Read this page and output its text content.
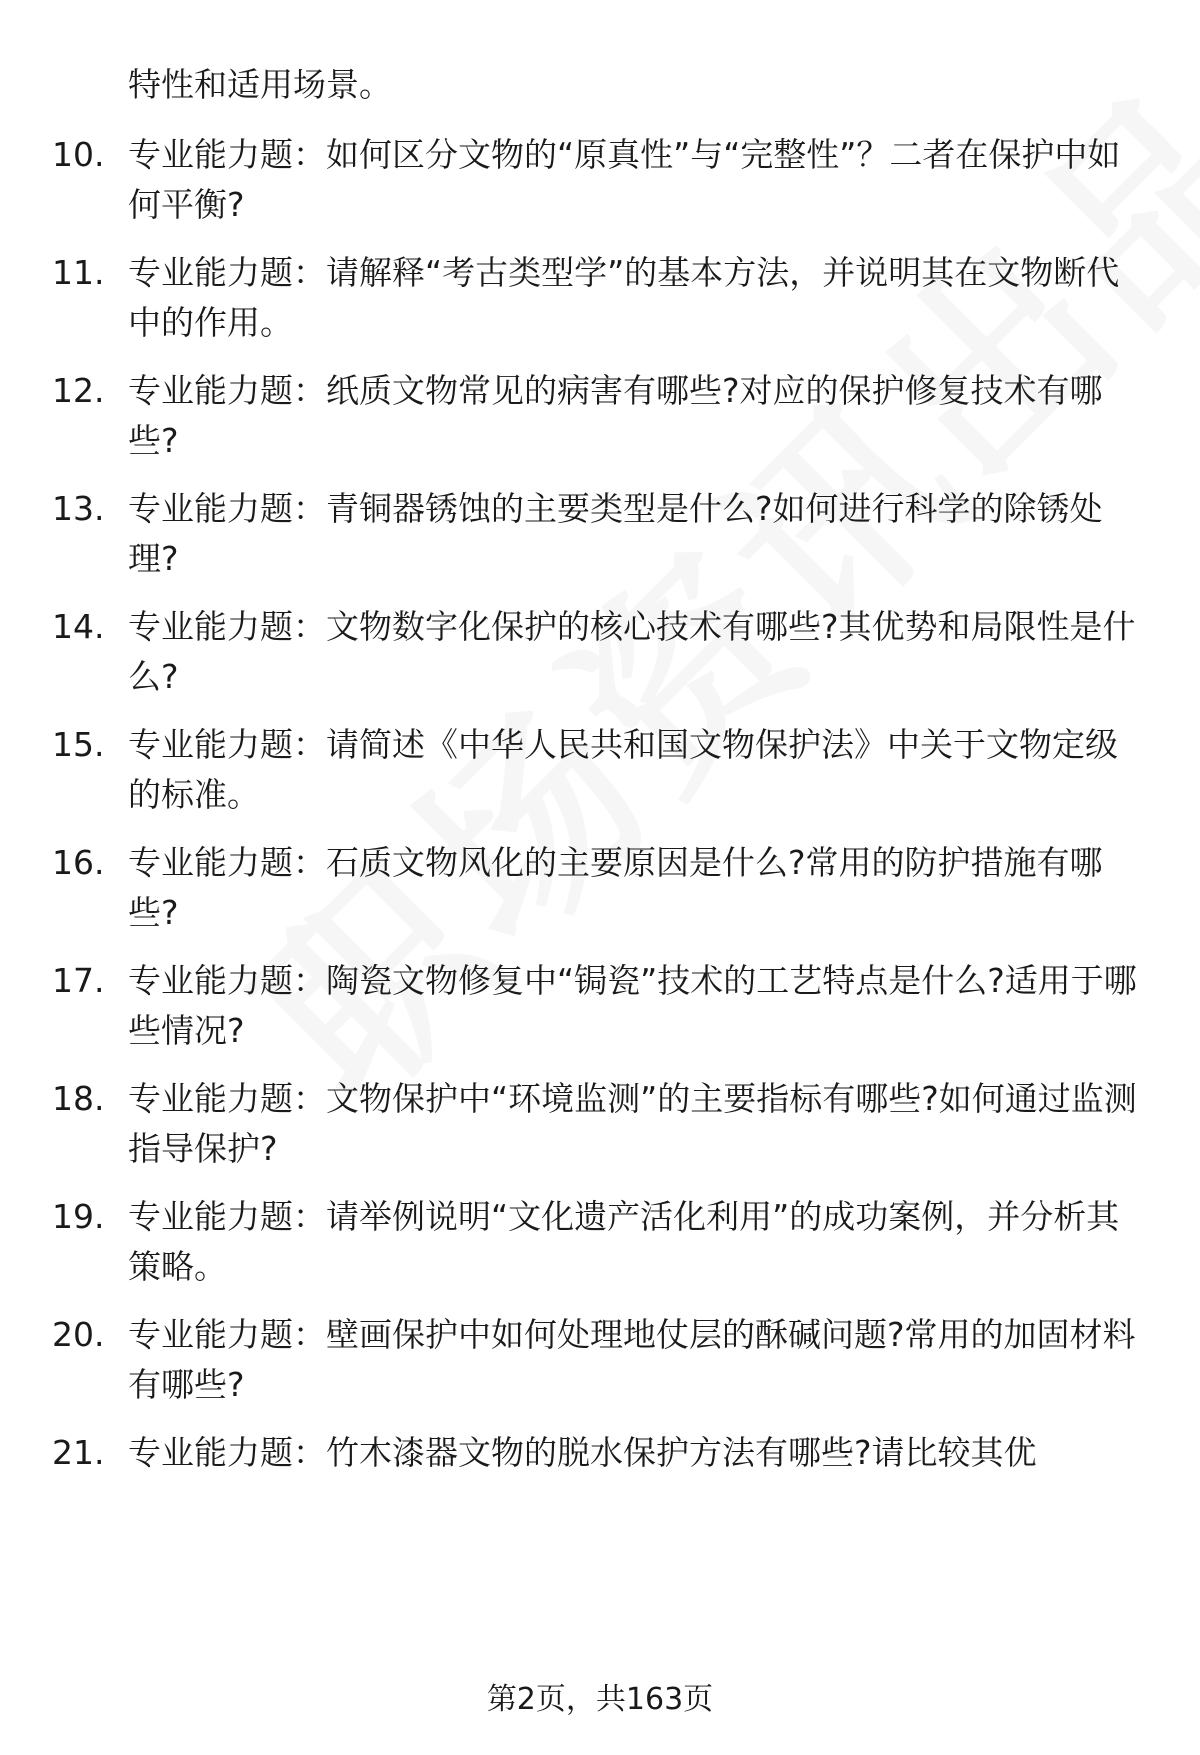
特性和适用场景。
10. 专业能力题：如何区分文物的“原真性”与“完整性”？二者在保护中如何平衡?
11. 专业能力题：请解释“考古类型学”的基本方法，并说明其在文物断代中的作用。
12. 专业能力题：纸质文物常见的病害有哪些?对应的保护修复技术有哪些?
13. 专业能力题：青铜器锈蚀的主要类型是什么?如何进行科学的除锈处理?
14. 专业能力题：文物数字化保护的核心技术有哪些?其优势和局限性是什么?
15. 专业能力题：请简述《中华人民共和国文物保护法》中关于文物定级的标准。
16. 专业能力题：石质文物风化的主要原因是什么?常用的防护措施有哪些?
17. 专业能力题：陶瓷文物修复中“锔瓷”技术的工艺特点是什么?适用于哪些情况?
18. 专业能力题：文物保护中“环境监测”的主要指标有哪些?如何通过监测指导保护?
19. 专业能力题：请举例说明“文化遗产活化利用”的成功案例，并分析其策略。
20. 专业能力题：壁画保护中如何处理地仗层的酥碱问题?常用的加固材料有哪些?
21. 专业能力题：竹木漆器文物的脱水保护方法有哪些?请比较其优
第2页，共163页
